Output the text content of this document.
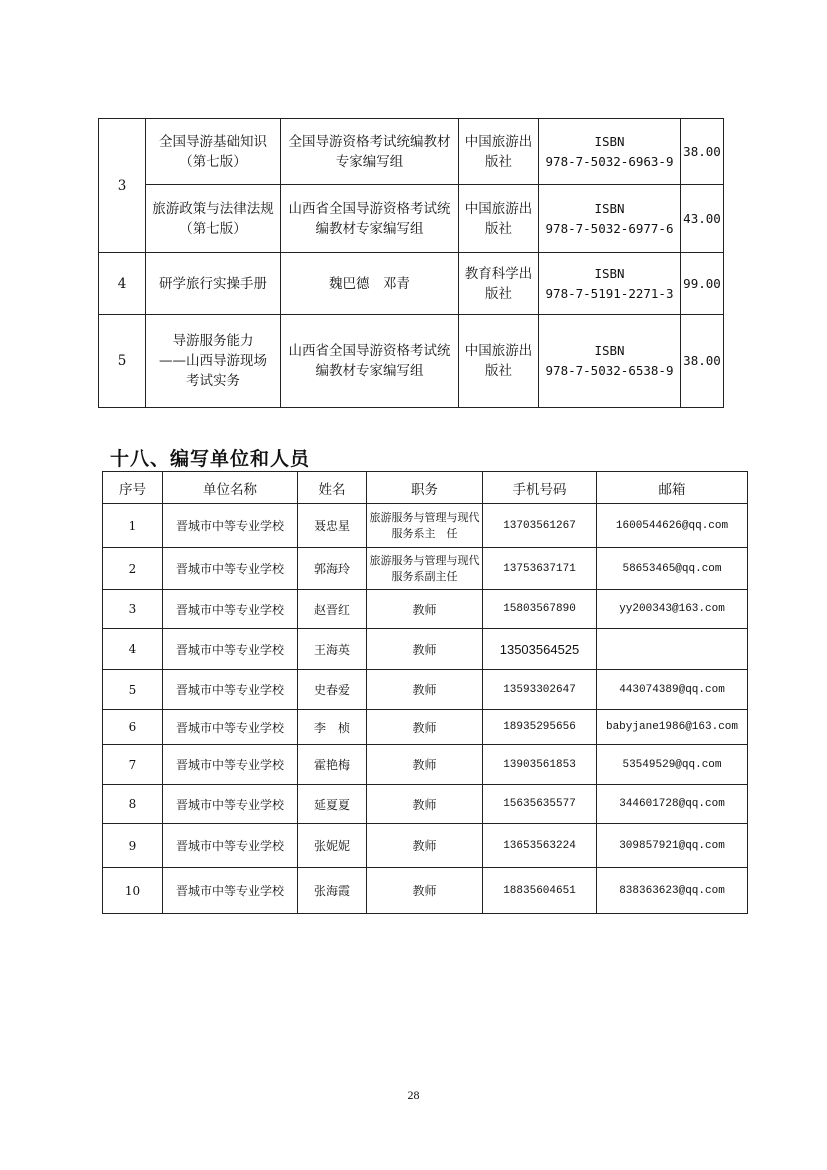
3	全国导游基础知识（第七版）	全国导游资格考试统编教材专家编写组	中国旅游出版社	ISBN
978-7-5032-6963-9	38.00
	旅游政策与法律法规（第七版）	山西省全国导游资格考试统编教材专家编写组	中国旅游出版社	ISBN
978-7-5032-6977-6	43.00
4	研学旅行实操手册	魏巴德　邓青	教育科学出版社	ISBN
978-7-5191-2271-3	99.00
5	导游服务能力
——山西导游现场
考试实务	山西省全国导游资格考试统编教材专家编写组	中国旅游出版社	ISBN
978-7-5032-6538-9	38.00
十八、编写单位和人员
序号	单位名称	姓名	职务	手机号码	邮箱
1	晋城市中等专业学校	聂忠星	旅游服务与管理与现代服务系主　任	13703561267	1600544626@qq.com
2	晋城市中等专业学校	郭海玲	旅游服务与管理与现代服务系副主任	13753637171	58653465@qq.com
3	晋城市中等专业学校	赵晋红	教师	15803567890	yy200343@163.com
4	晋城市中等专业学校	王海英	教师	13503564525	
5	晋城市中等专业学校	史春爱	教师	13593302647	443074389@qq.com
6	晋城市中等专业学校	李　桢	教师	18935295656	babyjane1986@163.com
7	晋城市中等专业学校	霍艳梅	教师	13903561853	53549529@qq.com
8	晋城市中等专业学校	延夏夏	教师	15635635577	344601728@qq.com
9	晋城市中等专业学校	张妮妮	教师	13653563224	309857921@qq.com
10	晋城市中等专业学校	张海霞	教师	18835604651	838363623@qq.com
28
